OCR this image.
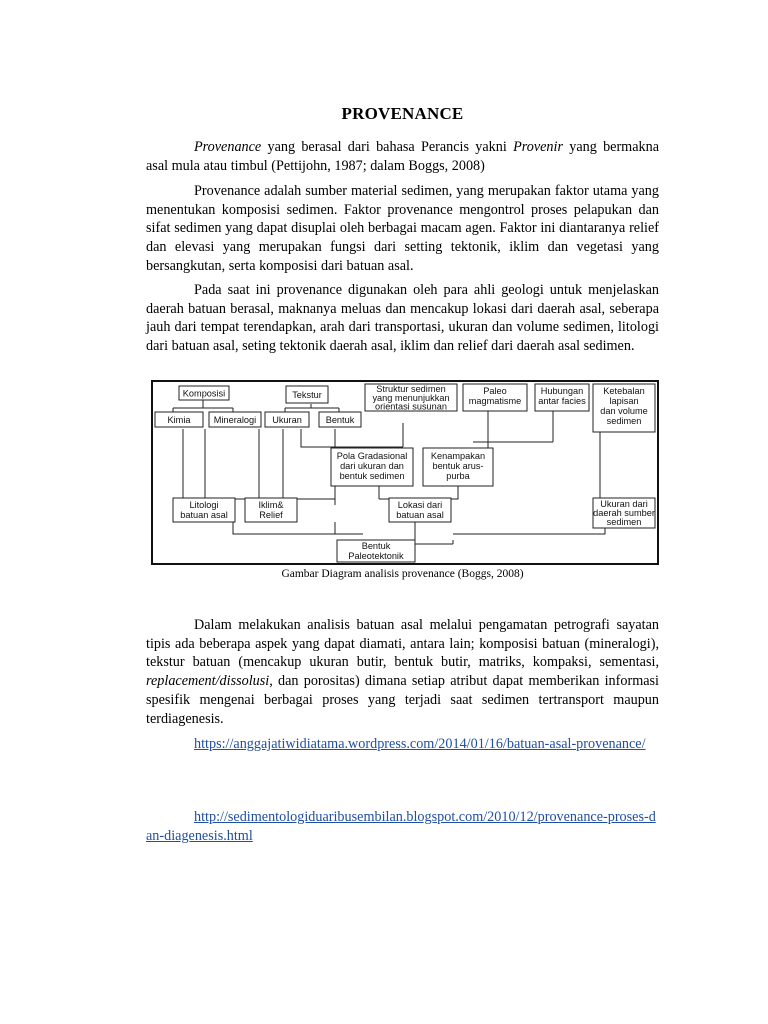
PROVENANCE

Provenance yang berasal dari bahasa Perancis yakni Provenir yang bermakna asal mula atau timbul (Pettijohn, 1987; dalam Boggs, 2008)

Provenance adalah sumber material sedimen, yang merupakan faktor utama yang menentukan komposisi sedimen. Faktor provenance mengontrol proses pelapukan dan sifat sedimen yang dapat disuplai oleh berbagai macam agen. Faktor ini diantaranya relief dan elevasi yang merupakan fungsi dari setting tektonik, iklim dan vegetasi yang bersangkutan, serta komposisi dari batuan asal.

Pada saat ini provenance digunakan oleh para ahli geologi untuk menjelaskan daerah batuan berasal, maknanya meluas dan mencakup lokasi dari daerah asal, seberapa jauh dari tempat terendapkan, arah dari transportasi, ukuran dan volume sedimen, litologi dari batuan asal, seting tektonik daerah asal, iklim dan relief dari daerah asal sedimen.

Komposisi
Kimia	Mineralogi
Tekstur
Ukuran	Bentuk
Struktur sedimen
yang menunjukkan
orientasi susunan
Paleo
magmatisme
Hubungan
antar facies
Ketebalan
lapisan
dan volume
sedimen
Pola Gradasional
dari ukuran dan
bentuk sedimen
Kenampakan
bentuk arus-
purba
Litologi
batuan asal
Iklim&
Relief
Lokasi dari
batuan asal
Ukuran dari
daerah sumber
sedimen
Bentuk
Paleotektonik
Gambar Diagram analisis provenance (Boggs, 2008)

Dalam melakukan analisis batuan asal melalui pengamatan petrografi sayatan tipis ada beberapa aspek yang dapat diamati, antara lain; komposisi batuan (mineralogi), tekstur batuan (mencakup ukuran butir, bentuk butir, matriks, kompaksi, sementasi, replacement/dissolusi, dan porositas) dimana setiap atribut dapat memberikan informasi spesifik mengenai berbagai proses yang terjadi saat sedimen tertransport maupun terdiagenesis.

https://anggajatiwidiatama.wordpress.com/2014/01/16/batuan-asal-provenance/

http://sedimentologiduaribusembilan.blogspot.com/2010/12/provenance-proses-dan-diagenesis.html
